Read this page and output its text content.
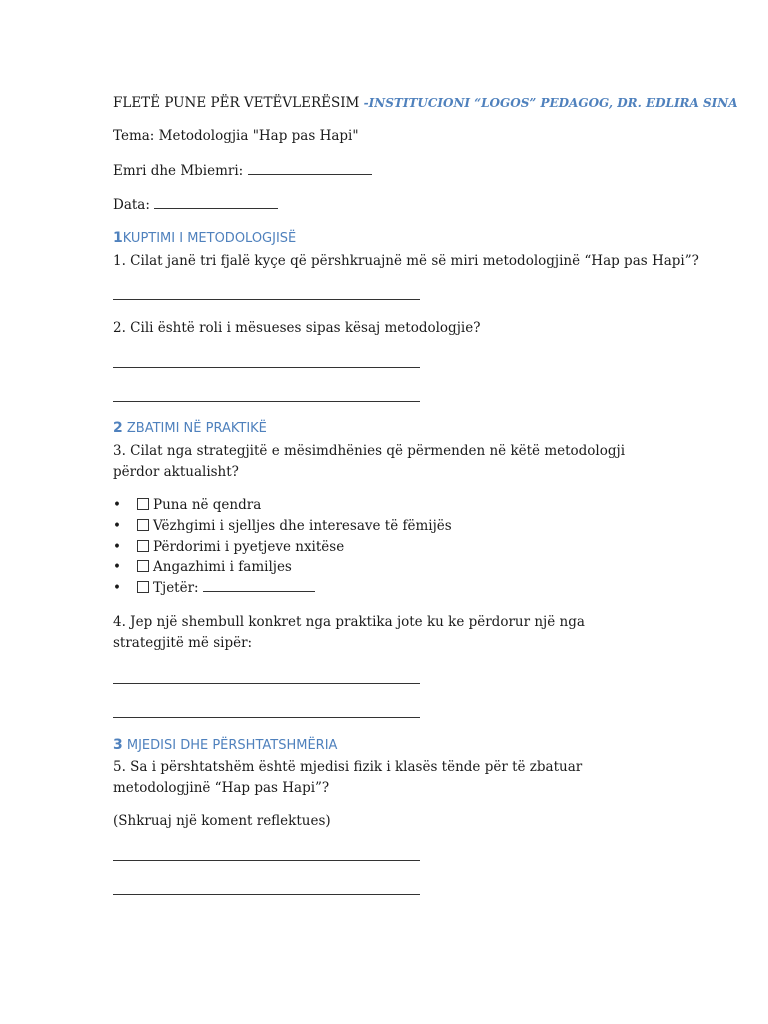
FLETË PUNE PËR VETËVLERËSIM -INSTITUCIONI “LOGOS” PEDAGOG, DR. EDLIRA SINA
Tema: Metodologjia "Hap pas Hapi"
Emri dhe Mbiemri:
Data:
1KUPTIMI I METODOLOGJISË
1. Cilat janë tri fjalë kyçe që përshkruajnë më së miri metodologjinë “Hap pas Hapi”?
2. Cili është roli i mësueses sipas kësaj metodologjie?
2 ZBATIMI NË PRAKTIKË
3. Cilat nga strategjitë e mësimdhënies që përmenden në këtë metodologji përdor aktualisht?
• Puna në qendra
• Vëzhgimi i sjelljes dhe interesave të fëmijës
• Përdorimi i pyetjeve nxitëse
• Angazhimi i familjes
• Tjetër:
4. Jep një shembull konkret nga praktika jote ku ke përdorur një nga strategjitë më sipër:
3 MJEDISI DHE PËRSHTATSHMËRIA
5. Sa i përshtatshëm është mjedisi fizik i klasës tënde për të zbatuar metodologjinë “Hap pas Hapi”?
(Shkruaj një koment reflektues)
